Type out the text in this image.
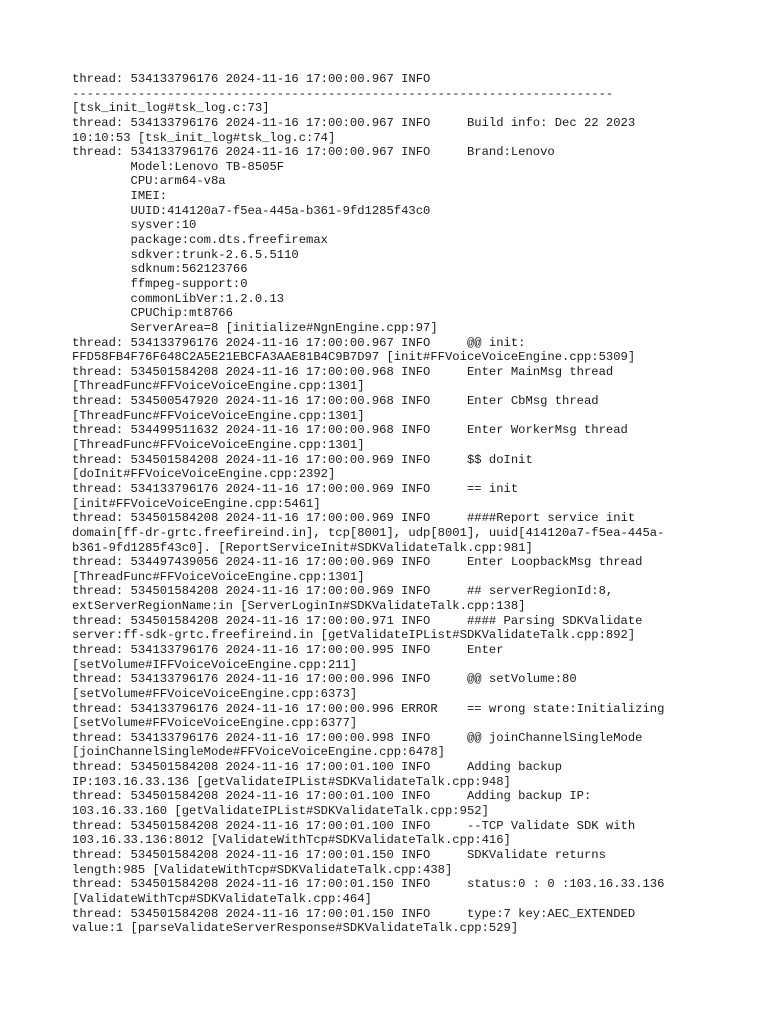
thread: 534133796176 2024-11-16 17:00:00.967 INFO
--------------------------------------------------------------------------
[tsk_init_log#tsk_log.c:73]
thread: 534133796176 2024-11-16 17:00:00.967 INFO     Build info: Dec 22 2023
10:10:53 [tsk_init_log#tsk_log.c:74]
thread: 534133796176 2024-11-16 17:00:00.967 INFO     Brand:Lenovo
Model:Lenovo TB-8505F
CPU:arm64-v8a
IMEI:
UUID:414120a7-f5ea-445a-b361-9fd1285f43c0
sysver:10
package:com.dts.freefiremax
sdkver:trunk-2.6.5.5110
sdknum:562123766
ffmpeg-support:0
commonLibVer:1.2.0.13
CPUChip:mt8766
ServerArea=8 [initialize#NgnEngine.cpp:97]
thread: 534133796176 2024-11-16 17:00:00.967 INFO     @@ init:
FFD58FB4F76F648C2A5E21EBCFA3AAE81B4C9B7D97 [init#FFVoiceVoiceEngine.cpp:5309]
thread: 534501584208 2024-11-16 17:00:00.968 INFO     Enter MainMsg thread
[ThreadFunc#FFVoiceVoiceEngine.cpp:1301]
thread: 534500547920 2024-11-16 17:00:00.968 INFO     Enter CbMsg thread
[ThreadFunc#FFVoiceVoiceEngine.cpp:1301]
thread: 534499511632 2024-11-16 17:00:00.968 INFO     Enter WorkerMsg thread
[ThreadFunc#FFVoiceVoiceEngine.cpp:1301]
thread: 534501584208 2024-11-16 17:00:00.969 INFO     $$ doInit
[doInit#FFVoiceVoiceEngine.cpp:2392]
thread: 534133796176 2024-11-16 17:00:00.969 INFO     == init
[init#FFVoiceVoiceEngine.cpp:5461]
thread: 534501584208 2024-11-16 17:00:00.969 INFO     ####Report service init
domain[ff-dr-grtc.freefireind.in], tcp[8001], udp[8001], uuid[414120a7-f5ea-445a-
b361-9fd1285f43c0]. [ReportServiceInit#SDKValidateTalk.cpp:981]
thread: 534497439056 2024-11-16 17:00:00.969 INFO     Enter LoopbackMsg thread
[ThreadFunc#FFVoiceVoiceEngine.cpp:1301]
thread: 534501584208 2024-11-16 17:00:00.969 INFO     ## serverRegionId:8,
extServerRegionName:in [ServerLoginIn#SDKValidateTalk.cpp:138]
thread: 534501584208 2024-11-16 17:00:00.971 INFO     #### Parsing SDKValidate
server:ff-sdk-grtc.freefireind.in [getValidateIPList#SDKValidateTalk.cpp:892]
thread: 534133796176 2024-11-16 17:00:00.995 INFO     Enter
[setVolume#IFFVoiceVoiceEngine.cpp:211]
thread: 534133796176 2024-11-16 17:00:00.996 INFO     @@ setVolume:80
[setVolume#FFVoiceVoiceEngine.cpp:6373]
thread: 534133796176 2024-11-16 17:00:00.996 ERROR    == wrong state:Initializing
[setVolume#FFVoiceVoiceEngine.cpp:6377]
thread: 534133796176 2024-11-16 17:00:00.998 INFO     @@ joinChannelSingleMode
[joinChannelSingleMode#FFVoiceVoiceEngine.cpp:6478]
thread: 534501584208 2024-11-16 17:00:01.100 INFO     Adding backup
IP:103.16.33.136 [getValidateIPList#SDKValidateTalk.cpp:948]
thread: 534501584208 2024-11-16 17:00:01.100 INFO     Adding backup IP:
103.16.33.160 [getValidateIPList#SDKValidateTalk.cpp:952]
thread: 534501584208 2024-11-16 17:00:01.100 INFO     --TCP Validate SDK with
103.16.33.136:8012 [ValidateWithTcp#SDKValidateTalk.cpp:416]
thread: 534501584208 2024-11-16 17:00:01.150 INFO     SDKValidate returns
length:985 [ValidateWithTcp#SDKValidateTalk.cpp:438]
thread: 534501584208 2024-11-16 17:00:01.150 INFO     status:0 : 0 :103.16.33.136
[ValidateWithTcp#SDKValidateTalk.cpp:464]
thread: 534501584208 2024-11-16 17:00:01.150 INFO     type:7 key:AEC_EXTENDED
value:1 [parseValidateServerResponse#SDKValidateTalk.cpp:529]
